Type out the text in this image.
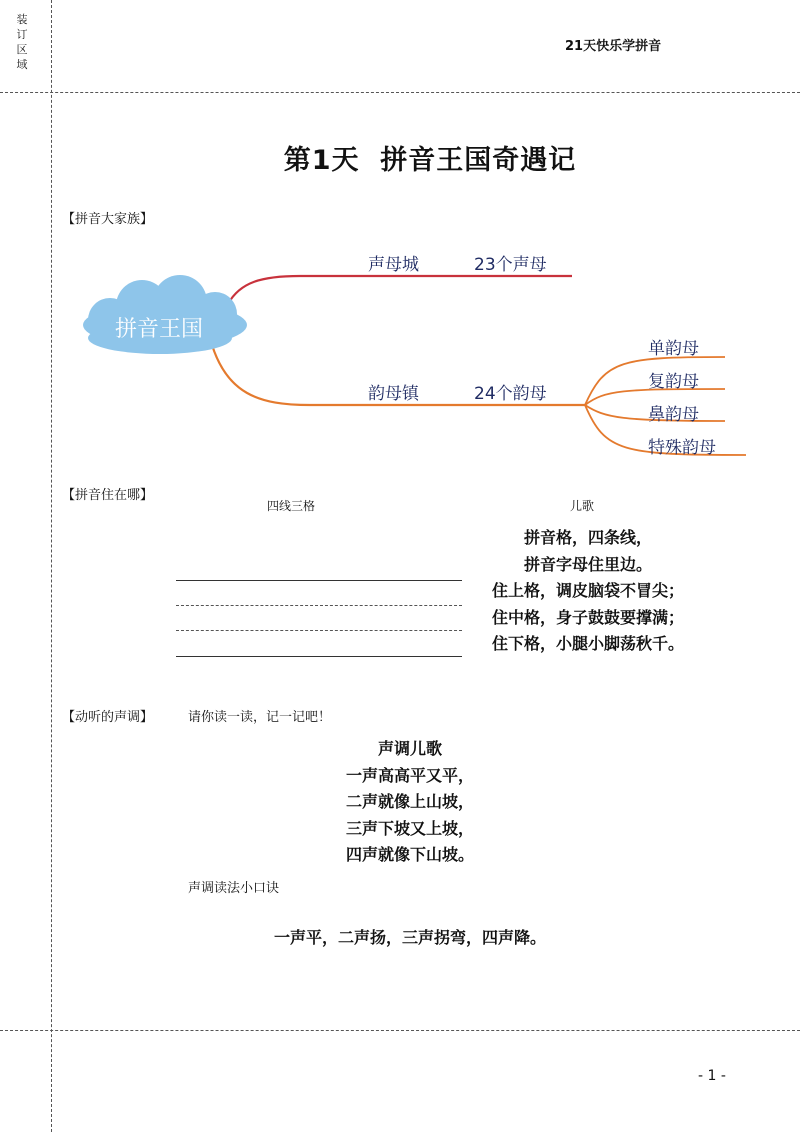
装
订
区
域
21天快乐学拼音
第1天  拼音王国奇遇记
【拼音大家族】
拼音王国
声母城	23个声母
韵母镇	24个韵母
单韵母
复韵母
鼻韵母
特殊韵母
【拼音住在哪】
四线三格	儿歌
拼音格，四条线，
拼音字母住里边。
住上格，调皮脑袋不冒尖；
住中格，身子鼓鼓要撑满；
住下格，小腿小脚荡秋千。
【动听的声调】	请你读一读，记一记吧！
声调儿歌
一声高高平又平，
二声就像上山坡，
三声下坡又上坡，
四声就像下山坡。
声调读法小口诀
一声平，二声扬，三声拐弯，四声降。
- 1 -
